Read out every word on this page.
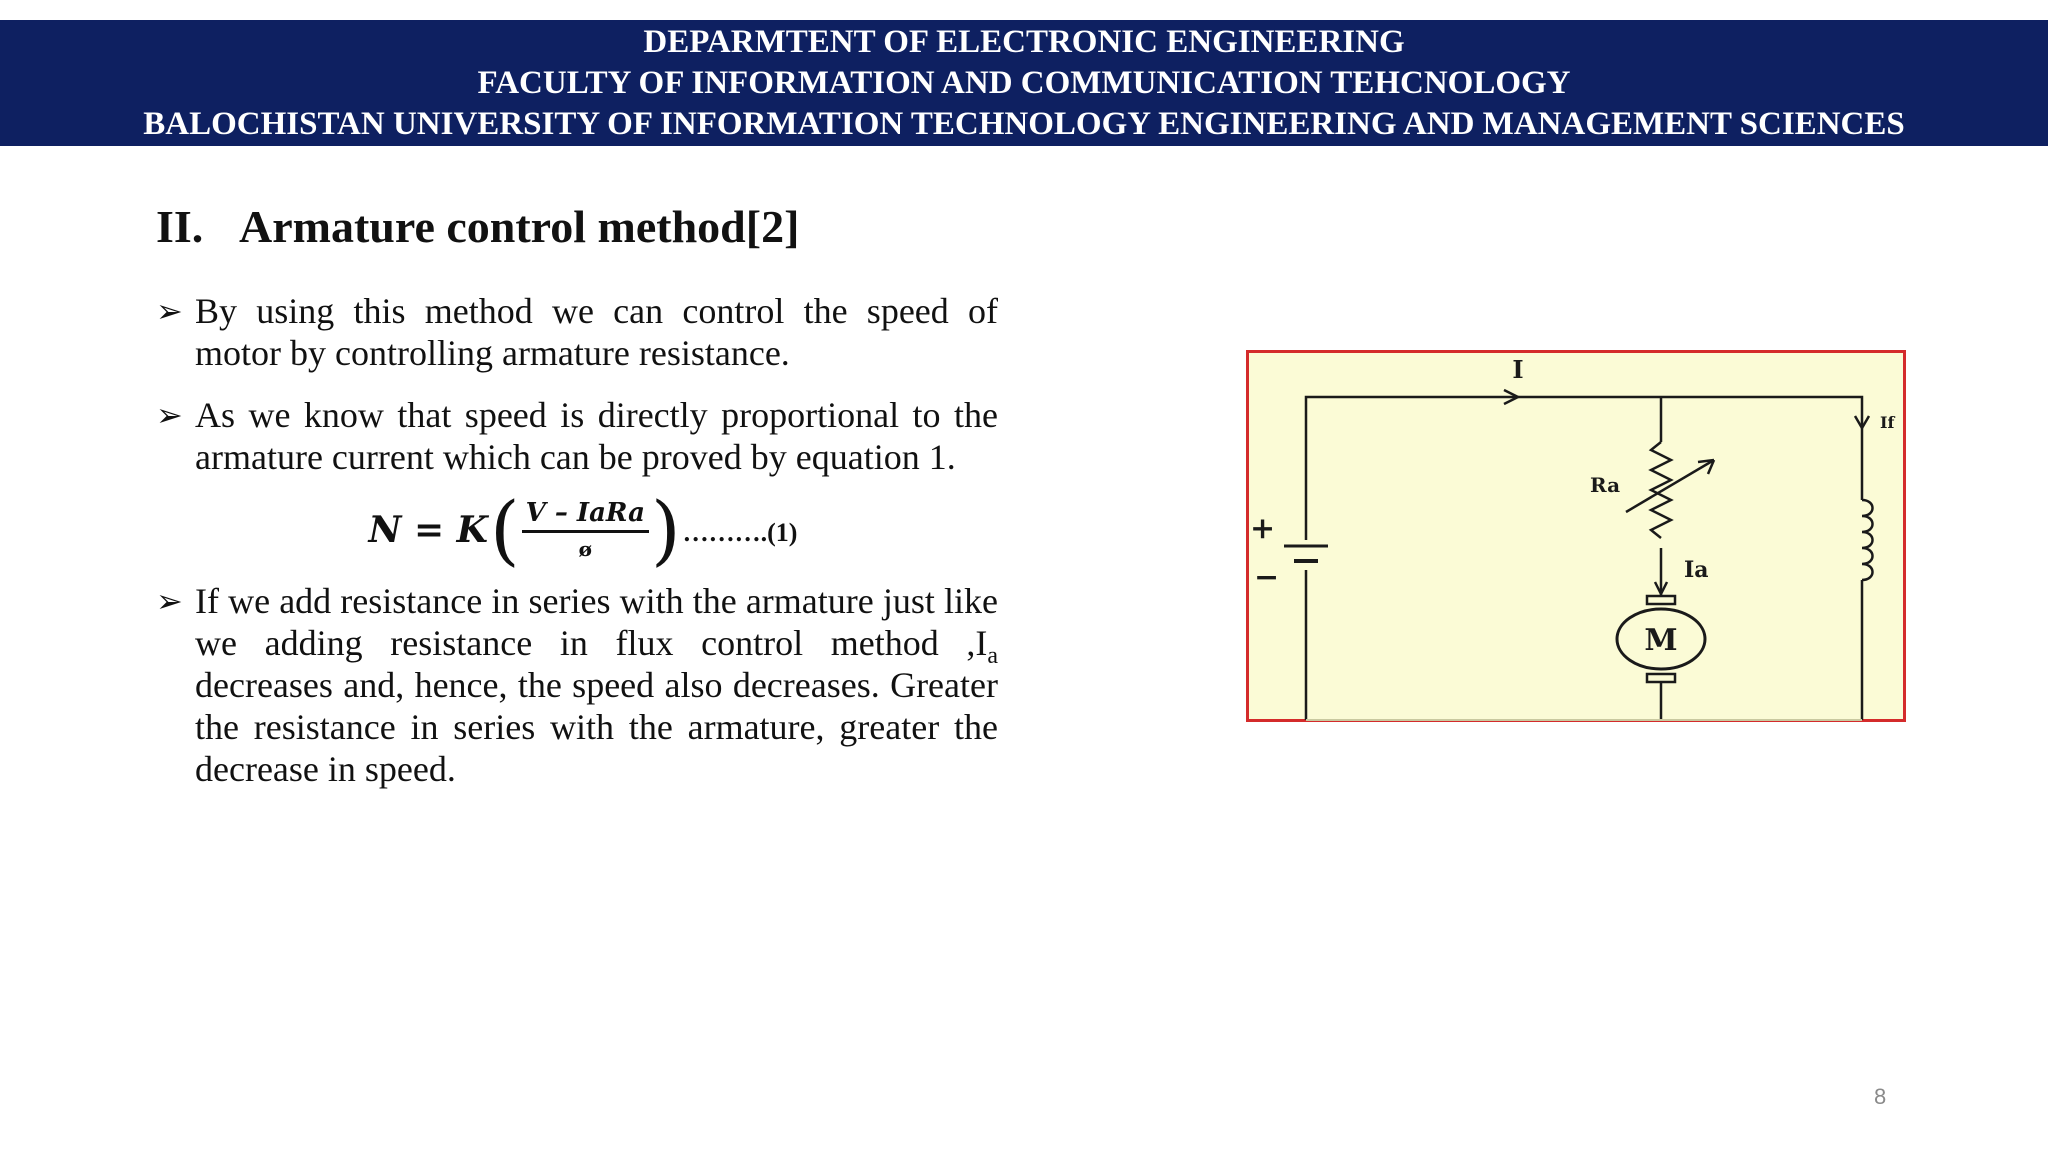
DEPARMTENT OF ELECTRONIC ENGINEERING
FACULTY OF INFORMATION AND COMMUNICATION TEHCNOLOGY
BALOCHISTAN UNIVERSITY OF INFORMATION TECHNOLOGY ENGINEERING AND MANAGEMENT SCIENCES
II. Armature control method[2]
➢ By using this method we can control the speed of motor by controlling armature resistance.
➢ As we know that speed is directly proportional to the armature current which can be proved by equation 1.
N = K ( $\frac{\text{V – IaRa}}{ø}$ ) ……….(1)
➢ If we add resistance in series with the armature just like we adding resistance in flux control method $,I_a$ decreases and, hence, the speed also decreases. Greater the resistance in series with the armature, greater the decrease in speed.
I
If
Ra
Ia
M
+
−
8
